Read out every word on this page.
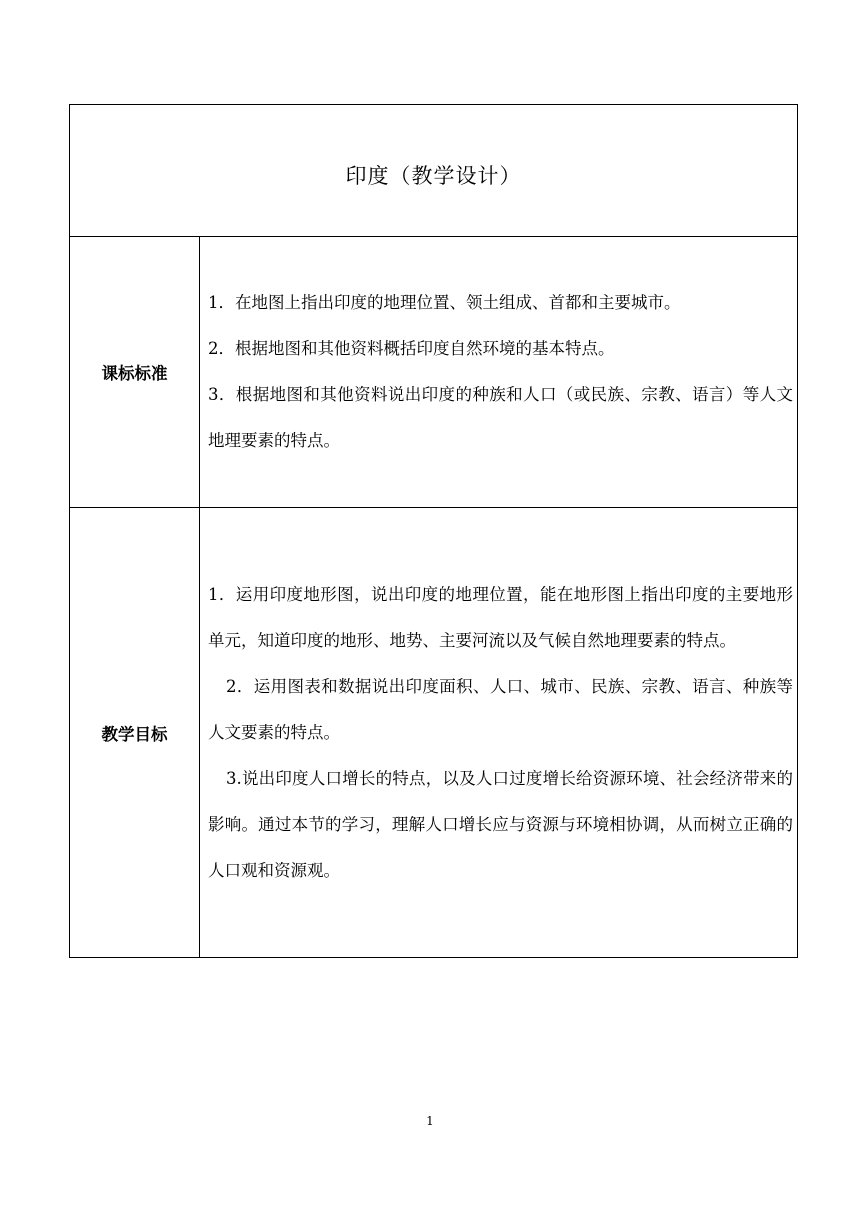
印度（教学设计）	
课标标准	1．在地图上指出印度的地理位置、领土组成、首都和主要城市。

2．根据地图和其他资料概括印度自然环境的基本特点。

3．根据地图和其他资料说出印度的种族和人口（或民族、宗教、语言）等人文地理要素的特点。

教学目标	1．运用印度地形图，说出印度的地理位置，能在地形图上指出印度的主要地形单元，知道印度的地形、地势、主要河流以及气候自然地理要素的特点。

2．运用图表和数据说出印度面积、人口、城市、民族、宗教、语言、种族等人文要素的特点。

3.说出印度人口增长的特点，以及人口过度增长给资源环境、社会经济带来的影响。通过本节的学习，理解人口增长应与资源与环境相协调，从而树立正确的人口观和资源观。

1
